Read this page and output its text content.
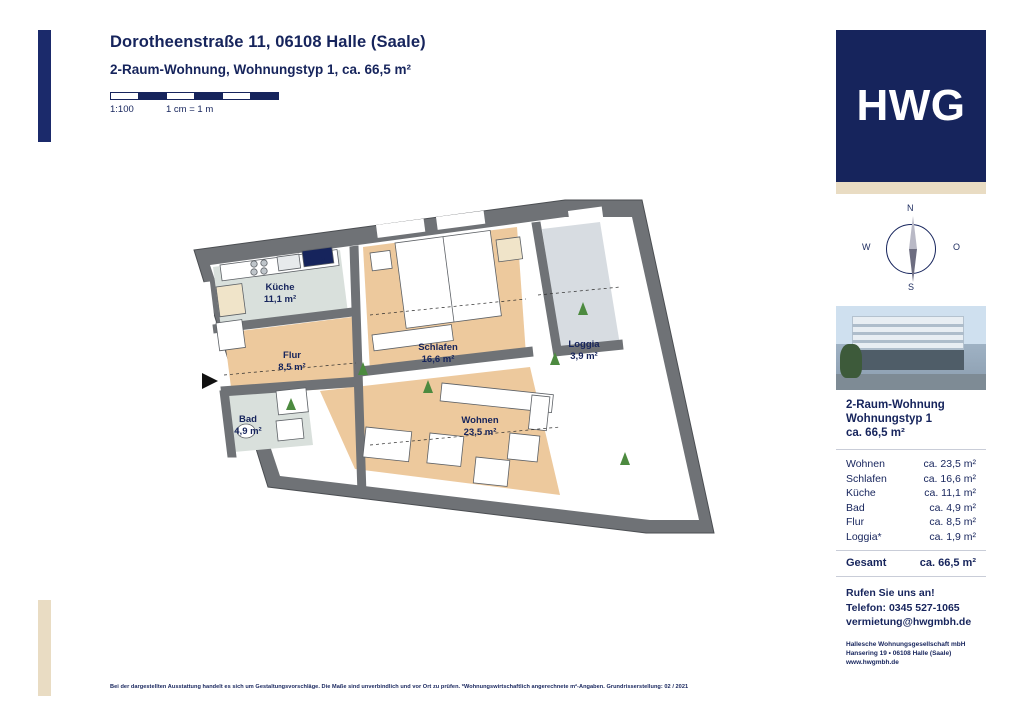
Dorotheenstraße 11, 06108 Halle (Saale)
2-Raum-Wohnung, Wohnungstyp 1, ca. 66,5 m²
1:100	1 cm = 1 m
WM
Küche
11,1 m²
Flur
8,5 m²
Bad
4,9 m²
Schlafen
16,6 m²
Wohnen
23,5 m²
Loggia
3,9 m²
HWG
N
S
W	O
2-Raum-Wohnung
Wohnungstyp 1
ca. 66,5 m²
Wohnen	ca. 23,5 m²
Schlafen	ca. 16,6 m²
Küche	ca. 11,1 m²
Bad	ca. 4,9 m²
Flur	ca. 8,5 m²
Loggia*	ca. 1,9 m²
Gesamt	ca. 66,5 m²
Rufen Sie uns an!
Telefon: 0345 527-1065
vermietung@hwgmbh.de
Hallesche Wohnungsgesellschaft mbH
Hansering 19 • 06108 Halle (Saale)
www.hwgmbh.de
Bei der dargestellten Ausstattung handelt es sich um Gestaltungsvorschläge. Die Maße sind unverbindlich und vor Ort zu prüfen. *Wohnungswirtschaftlich angerechnete m²-Angaben. Grundrisserstellung: 02 / 2021
